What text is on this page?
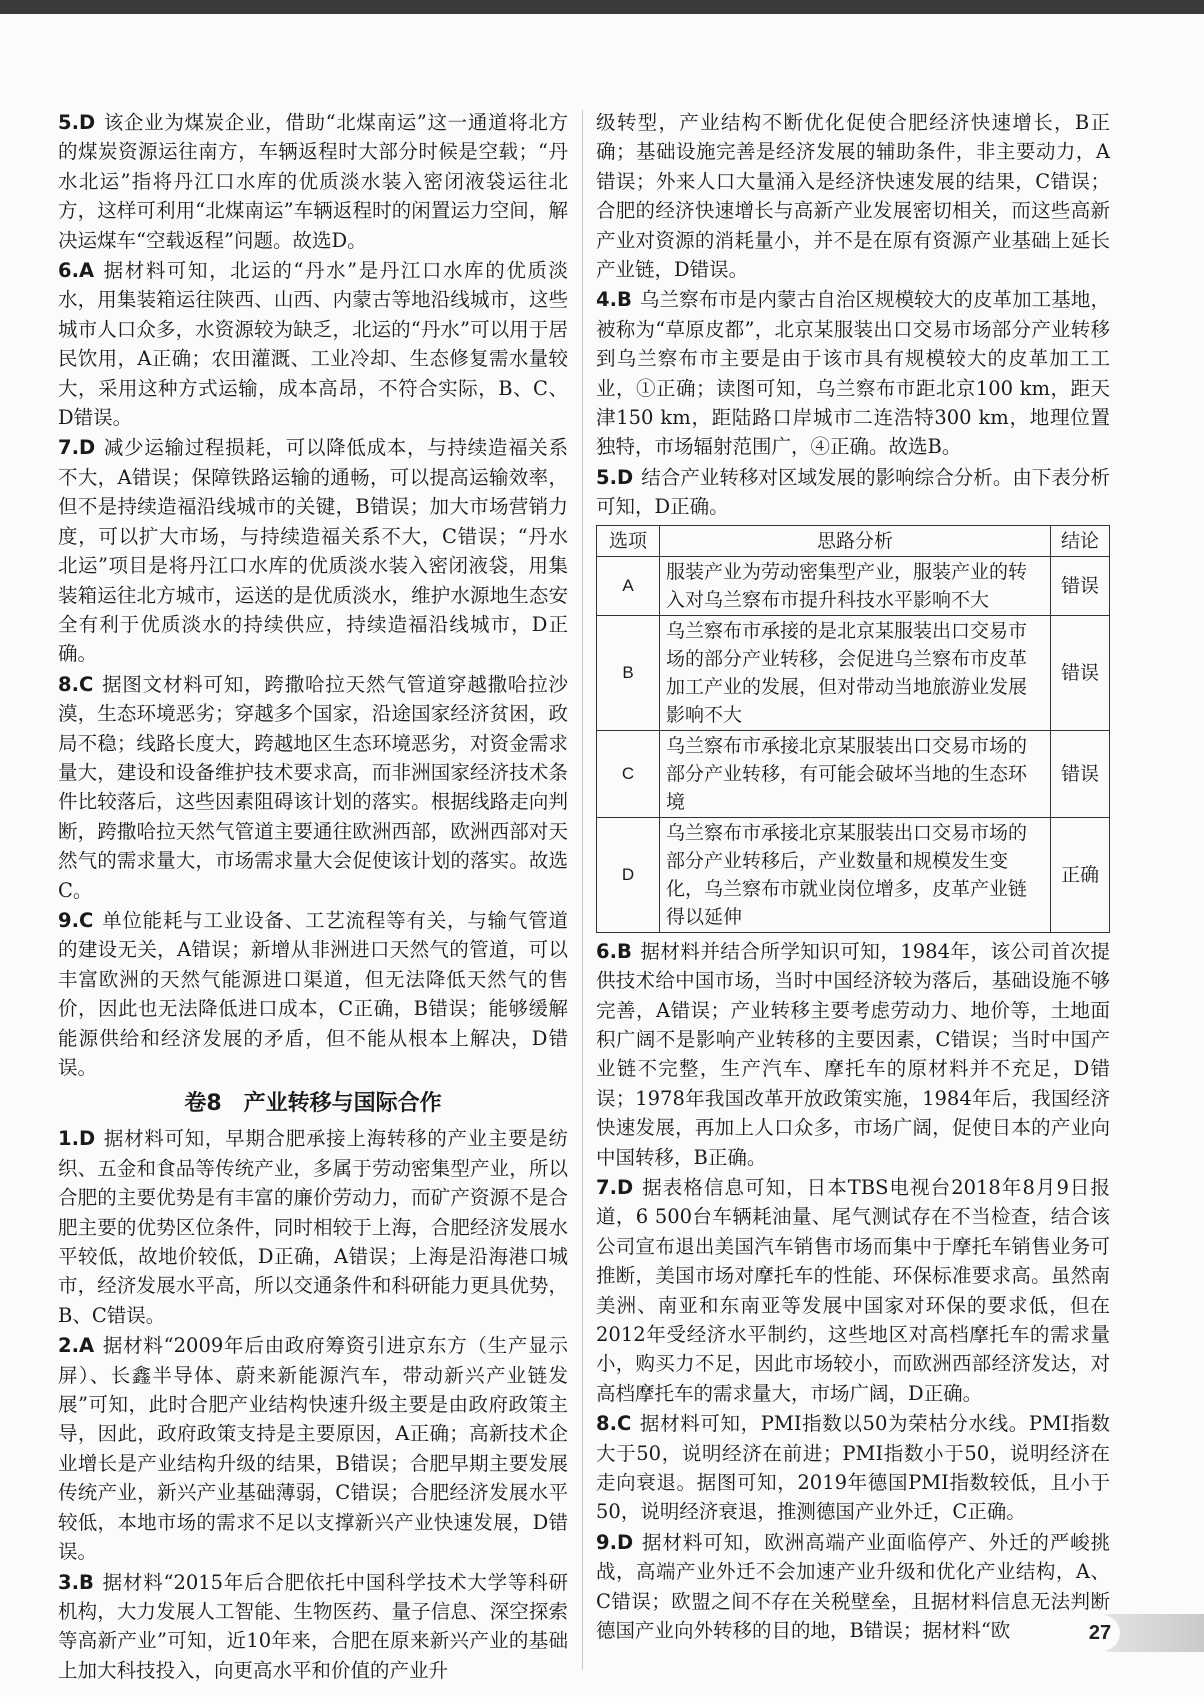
5.D 该企业为煤炭企业，借助“北煤南运”这一通道将北方的煤炭资源运往南方，车辆返程时大部分时候是空载；“丹水北运”指将丹江口水库的优质淡水装入密闭液袋运往北方，这样可利用“北煤南运”车辆返程时的闲置运力空间，解决运煤车“空载返程”问题。故选D。

6.A 据材料可知，北运的“丹水”是丹江口水库的优质淡水，用集装箱运往陕西、山西、内蒙古等地沿线城市，这些城市人口众多，水资源较为缺乏，北运的“丹水”可以用于居民饮用，A正确；农田灌溉、工业冷却、生态修复需水量较大，采用这种方式运输，成本高昂，不符合实际，B、C、D错误。

7.D 减少运输过程损耗，可以降低成本，与持续造福关系不大，A错误；保障铁路运输的通畅，可以提高运输效率，但不是持续造福沿线城市的关键，B错误；加大市场营销力度，可以扩大市场，与持续造福关系不大，C错误；“丹水北运”项目是将丹江口水库的优质淡水装入密闭液袋，用集装箱运往北方城市，运送的是优质淡水，维护水源地生态安全有利于优质淡水的持续供应，持续造福沿线城市，D正确。

8.C 据图文材料可知，跨撒哈拉天然气管道穿越撒哈拉沙漠，生态环境恶劣；穿越多个国家，沿途国家经济贫困，政局不稳；线路长度大，跨越地区生态环境恶劣，对资金需求量大，建设和设备维护技术要求高，而非洲国家经济技术条件比较落后，这些因素阻碍该计划的落实。根据线路走向判断，跨撒哈拉天然气管道主要通往欧洲西部，欧洲西部对天然气的需求量大，市场需求量大会促使该计划的落实。故选C。

9.C 单位能耗与工业设备、工艺流程等有关，与输气管道的建设无关，A错误；新增从非洲进口天然气的管道，可以丰富欧洲的天然气能源进口渠道，但无法降低天然气的售价，因此也无法降低进口成本，C正确，B错误；能够缓解能源供给和经济发展的矛盾，但不能从根本上解决，D错误。

卷8　产业转移与国际合作

1.D 据材料可知，早期合肥承接上海转移的产业主要是纺织、五金和食品等传统产业，多属于劳动密集型产业，所以合肥的主要优势是有丰富的廉价劳动力，而矿产资源不是合肥主要的优势区位条件，同时相较于上海，合肥经济发展水平较低，故地价较低，D正确，A错误；上海是沿海港口城市，经济发展水平高，所以交通条件和科研能力更具优势，B、C错误。

2.A 据材料“2009年后由政府筹资引进京东方（生产显示屏）、长鑫半导体、蔚来新能源汽车，带动新兴产业链发展”可知，此时合肥产业结构快速升级主要是由政府政策主导，因此，政府政策支持是主要原因，A正确；高新技术企业增长是产业结构升级的结果，B错误；合肥早期主要发展传统产业，新兴产业基础薄弱，C错误；合肥经济发展水平较低，本地市场的需求不足以支撑新兴产业快速发展，D错误。

3.B 据材料“2015年后合肥依托中国科学技术大学等科研机构，大力发展人工智能、生物医药、量子信息、深空探索等高新产业”可知，近10年来，合肥在原来新兴产业的基础上加大科技投入，向更高水平和价值的产业升

级转型，产业结构不断优化促使合肥经济快速增长，B正确；基础设施完善是经济发展的辅助条件，非主要动力，A错误；外来人口大量涌入是经济快速发展的结果，C错误；合肥的经济快速增长与高新产业发展密切相关，而这些高新产业对资源的消耗量小，并不是在原有资源产业基础上延长产业链，D错误。

4.B 乌兰察布市是内蒙古自治区规模较大的皮革加工基地，被称为“草原皮都”，北京某服装出口交易市场部分产业转移到乌兰察布市主要是由于该市具有规模较大的皮革加工工业，①正确；读图可知，乌兰察布市距北京100 km，距天津150 km，距陆路口岸城市二连浩特300 km，地理位置独特，市场辐射范围广，④正确。故选B。

5.D 结合产业转移对区域发展的影响综合分析。由下表分析可知，D正确。

选项	思路分析	结论
A	服装产业为劳动密集型产业，服装产业的转入对乌兰察布市提升科技水平影响不大	错误
B	乌兰察布市承接的是北京某服装出口交易市场的部分产业转移，会促进乌兰察布市皮革加工产业的发展，但对带动当地旅游业发展影响不大	错误
C	乌兰察布市承接北京某服装出口交易市场的部分产业转移，有可能会破坏当地的生态环境	错误
D	乌兰察布市承接北京某服装出口交易市场的部分产业转移后，产业数量和规模发生变化，乌兰察布市就业岗位增多，皮革产业链得以延伸	正确

6.B 据材料并结合所学知识可知，1984年，该公司首次提供技术给中国市场，当时中国经济较为落后，基础设施不够完善，A错误；产业转移主要考虑劳动力、地价等，土地面积广阔不是影响产业转移的主要因素，C错误；当时中国产业链不完整，生产汽车、摩托车的原材料并不充足，D错误；1978年我国改革开放政策实施，1984年后，我国经济快速发展，再加上人口众多，市场广阔，促使日本的产业向中国转移，B正确。

7.D 据表格信息可知，日本TBS电视台2018年8月9日报道，6 500台车辆耗油量、尾气测试存在不当检查，结合该公司宣布退出美国汽车销售市场而集中于摩托车销售业务可推断，美国市场对摩托车的性能、环保标准要求高。虽然南美洲、南亚和东南亚等发展中国家对环保的要求低，但在2012年受经济水平制约，这些地区对高档摩托车的需求量小，购买力不足，因此市场较小，而欧洲西部经济发达，对高档摩托车的需求量大，市场广阔，D正确。

8.C 据材料可知，PMI指数以50为荣枯分水线。PMI指数大于50，说明经济在前进；PMI指数小于50，说明经济在走向衰退。据图可知，2019年德国PMI指数较低，且小于50，说明经济衰退，推测德国产业外迁，C正确。

9.D 据材料可知，欧洲高端产业面临停产、外迁的严峻挑战，高端产业外迁不会加速产业升级和优化产业结构，A、C错误；欧盟之间不存在关税壁垒，且据材料信息无法判断德国产业向外转移的目的地，B错误；据材料“欧	27
